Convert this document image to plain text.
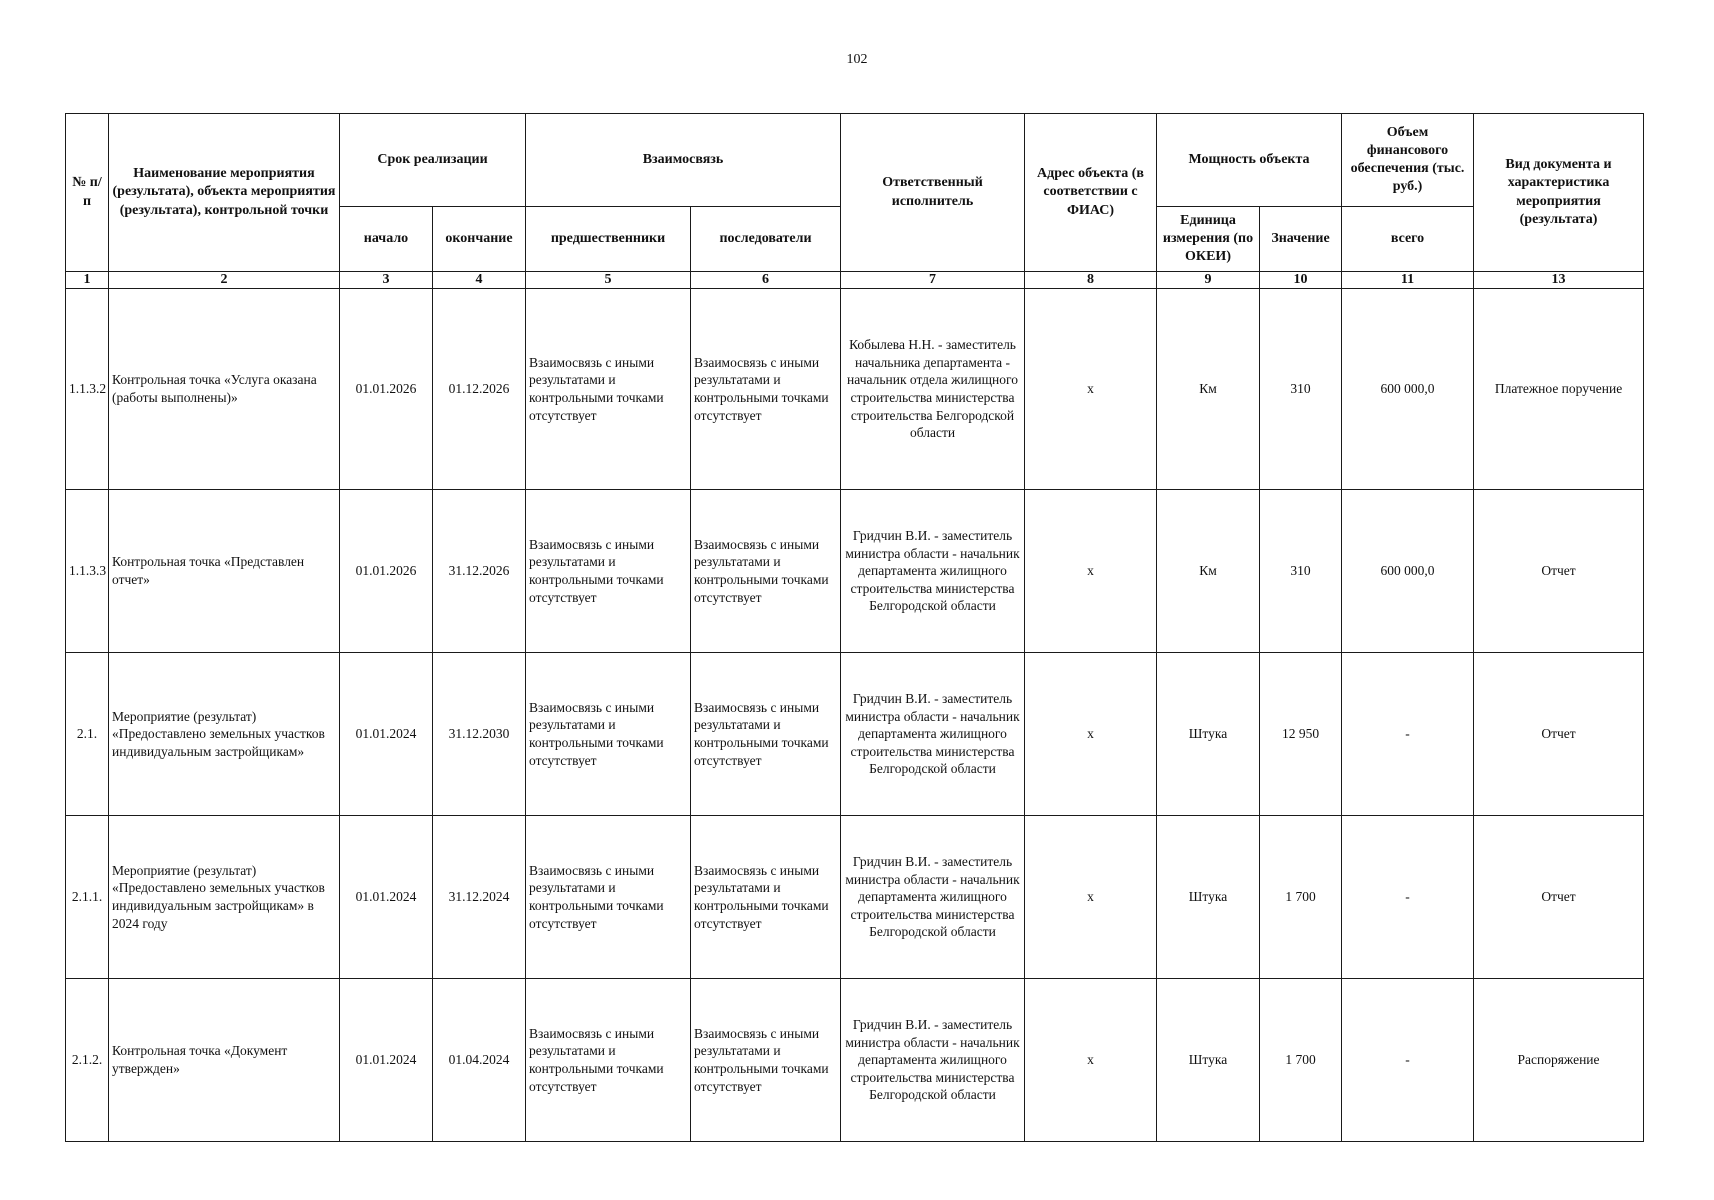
102
№ п/п	Наименование мероприятия (результата), объекта мероприятия (результата), контрольной точки	Срок реализации		Взаимосвязь		Ответственный исполнитель	Адрес объекта (в соответствии с ФИАС)	Мощность объекта		Объем финансового обеспечения (тыс. руб.)	Вид документа и характеристика мероприятия (результата)
		начало	окончание	предшественники	последователи			Единица измерения (по ОКЕИ)	Значение	всего	
1	2	3	4	5	6	7	8	9	10	11	13
1.1.3.2	Контрольная точка «Услуга оказана (работы выполнены)»	01.01.2026	01.12.2026	Взаимосвязь с иными результатами и контрольными точками отсутствует	Взаимосвязь с иными результатами и контрольными точками отсутствует	Кобылева Н.Н. - заместитель начальника департамента - начальник отдела жилищного строительства министерства строительства Белгородской области	х	Км	310	600 000,0	Платежное поручение
1.1.3.3	Контрольная точка «Представлен отчет»	01.01.2026	31.12.2026	Взаимосвязь с иными результатами и контрольными точками отсутствует	Взаимосвязь с иными результатами и контрольными точками отсутствует	Гридчин В.И. - заместитель министра области - начальник департамента жилищного строительства министерства Белгородской области	х	Км	310	600 000,0	Отчет
2.1.	Мероприятие (результат) «Предоставлено земельных участков индивидуальным застройщикам»	01.01.2024	31.12.2030	Взаимосвязь с иными результатами и контрольными точками отсутствует	Взаимосвязь с иными результатами и контрольными точками отсутствует	Гридчин В.И. - заместитель министра области - начальник департамента жилищного строительства министерства Белгородской области	х	Штука	12 950	-	Отчет
2.1.1.	Мероприятие (результат) «Предоставлено земельных участков индивидуальным застройщикам» в 2024 году	01.01.2024	31.12.2024	Взаимосвязь с иными результатами и контрольными точками отсутствует	Взаимосвязь с иными результатами и контрольными точками отсутствует	Гридчин В.И. - заместитель министра области - начальник департамента жилищного строительства министерства Белгородской области	х	Штука	1 700	-	Отчет
2.1.2.	Контрольная точка «Документ утвержден»	01.01.2024	01.04.2024	Взаимосвязь с иными результатами и контрольными точками отсутствует	Взаимосвязь с иными результатами и контрольными точками отсутствует	Гридчин В.И. - заместитель министра области - начальник департамента жилищного строительства министерства Белгородской области	х	Штука	1 700	-	Распоряжение
